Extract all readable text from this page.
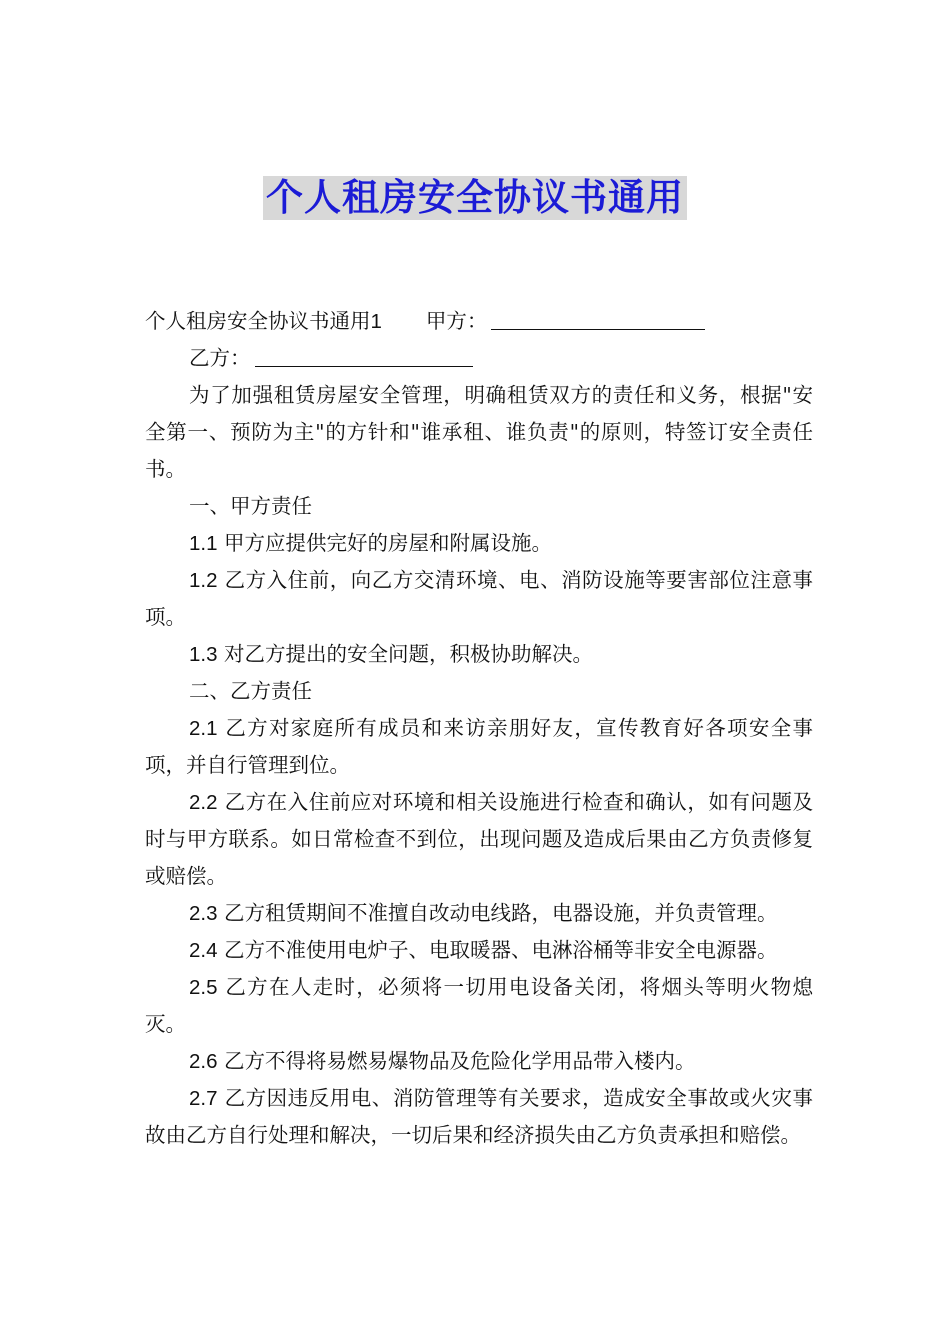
个人租房安全协议书通用

个人租房安全协议书通用1 甲方：

乙方：

为了加强租赁房屋安全管理，明确租赁双方的责任和义务，根据"安全第一、预防为主"的方针和"谁承租、谁负责"的原则，特签订安全责任书。

一、甲方责任

1.1 甲方应提供完好的房屋和附属设施。

1.2 乙方入住前，向乙方交清环境、电、消防设施等要害部位注意事项。

1.3 对乙方提出的安全问题，积极协助解决。

二、乙方责任

2.1 乙方对家庭所有成员和来访亲朋好友，宣传教育好各项安全事项，并自行管理到位。

2.2 乙方在入住前应对环境和相关设施进行检查和确认，如有问题及时与甲方联系。如日常检查不到位，出现问题及造成后果由乙方负责修复或赔偿。

2.3 乙方租赁期间不准擅自改动电线路，电器设施，并负责管理。

2.4 乙方不准使用电炉子、电取暖器、电淋浴桶等非安全电源器。

2.5 乙方在人走时，必须将一切用电设备关闭，将烟头等明火物熄灭。

2.6 乙方不得将易燃易爆物品及危险化学用品带入楼内。

2.7 乙方因违反用电、消防管理等有关要求，造成安全事故或火灾事故由乙方自行处理和解决，一切后果和经济损失由乙方负责承担和赔偿。
